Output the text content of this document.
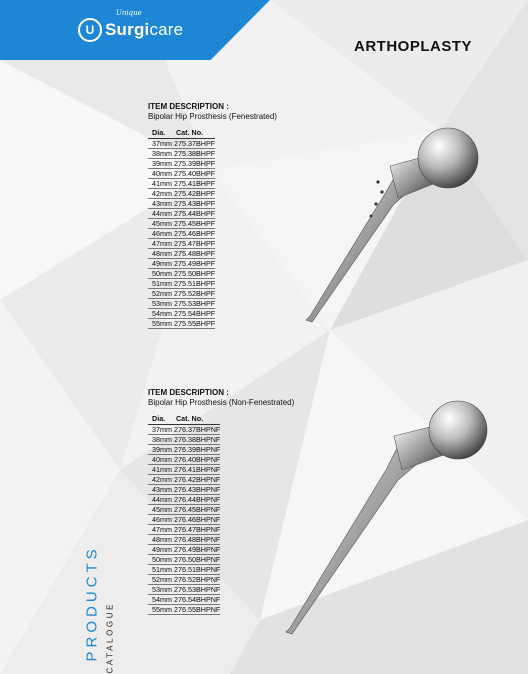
U Surgicare
Unique
ARTHOPLASTY
ITEM DESCRIPTION :
Bipolar Hip Prosthesis (Fenestrated)
Dia.	Cat. No.
37mm	275.37BHPF
38mm	275.38BHPF
39mm	275.39BHPF
40mm	275.40BHPF
41mm	275.41BHPF
42mm	275.42BHPF
43mm	275.43BHPF
44mm	275.44BHPF
45mm	275.45BHPF
46mm	275.46BHPF
47mm	275.47BHPF
48mm	275.48BHPF
49mm	275.49BHPF
50mm	275.50BHPF
51mm	275.51BHPF
52mm	275.52BHPF
53mm	275.53BHPF
54mm	275.54BHPF
55mm	275.55BHPF
ITEM DESCRIPTION :
Bipolar Hip Prosthesis (Non-Fenestrated)
Dia.	Cat. No.
37mm	276.37BHPNF
38mm	276.38BHPNF
39mm	276.39BHPNF
40mm	276.40BHPNF
41mm	276.41BHPNF
42mm	276.42BHPNF
43mm	276.43BHPNF
44mm	276.44BHPNF
45mm	276.45BHPNF
46mm	276.46BHPNF
47mm	276.47BHPNF
48mm	276.48BHPNF
49mm	276.49BHPNF
50mm	276.50BHPNF
51mm	276.51BHPNF
52mm	276.52BHPNF
53mm	276.53BHPNF
54mm	276.54BHPNF
55mm	276.55BHPNF
PRODUCTS CATALOGUE
